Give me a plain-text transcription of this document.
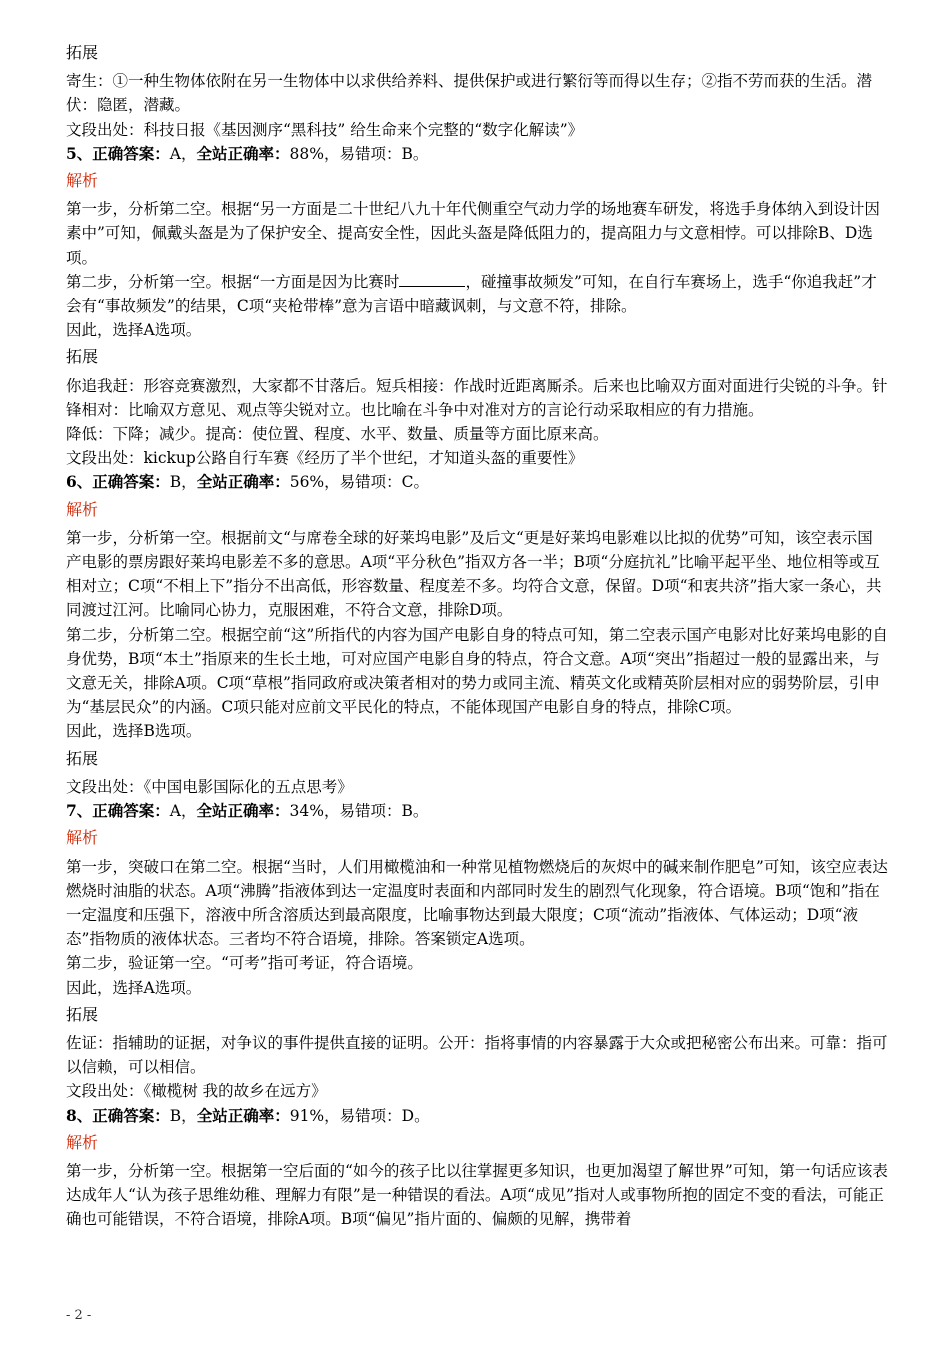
拓展

寄生：①一种生物体依附在另一生物体中以求供给养料、提供保护或进行繁衍等而得以生存；②指不劳而获的生活。潜伏：隐匿，潜藏。

文段出处：科技日报《基因测序“黑科技” 给生命来个完整的“数字化解读”》

5、正确答案：A，全站正确率：88%，易错项：B。

解析

第一步，分析第二空。根据“另一方面是二十世纪八九十年代侧重空气动力学的场地赛车研发，将选手身体纳入到设计因素中”可知，佩戴头盔是为了保护安全、提高安全性，因此头盔是降低阻力的，提高阻力与文意相悖。可以排除B、D选项。

第二步，分析第一空。根据“一方面是因为比赛时	，碰撞事故频发”可知，在自行车赛场上，选手“你追我赶”才会有“事故频发”的结果，C项“夹枪带棒”意为言语中暗藏讽刺，与文意不符，排除。

因此，选择A选项。

拓展

你追我赶：形容竞赛激烈，大家都不甘落后。短兵相接：作战时近距离厮杀。后来也比喻双方面对面进行尖锐的斗争。针锋相对：比喻双方意见、观点等尖锐对立。也比喻在斗争中对准对方的言论行动采取相应的有力措施。

降低：下降；减少。提高：使位置、程度、水平、数量、质量等方面比原来高。

文段出处：kickup公路自行车赛《经历了半个世纪，才知道头盔的重要性》

6、正确答案：B，全站正确率：56%，易错项：C。

解析

第一步，分析第一空。根据前文“与席卷全球的好莱坞电影”及后文“更是好莱坞电影难以比拟的优势”可知，该空表示国产电影的票房跟好莱坞电影差不多的意思。A项“平分秋色”指双方各一半；B项“分庭抗礼”比喻平起平坐、地位相等或互相对立；C项“不相上下”指分不出高低，形容数量、程度差不多。均符合文意，保留。D项“和衷共济”指大家一条心，共同渡过江河。比喻同心协力，克服困难，不符合文意，排除D项。

第二步，分析第二空。根据空前“这”所指代的内容为国产电影自身的特点可知，第二空表示国产电影对比好莱坞电影的自身优势，B项“本土”指原来的生长土地，可对应国产电影自身的特点，符合文意。A项“突出”指超过一般的显露出来，与文意无关，排除A项。C项“草根”指同政府或决策者相对的势力或同主流、精英文化或精英阶层相对应的弱势阶层，引申为“基层民众”的内涵。C项只能对应前文平民化的特点，不能体现国产电影自身的特点，排除C项。

因此，选择B选项。

拓展

文段出处：《中国电影国际化的五点思考》

7、正确答案：A，全站正确率：34%，易错项：B。

解析

第一步，突破口在第二空。根据“当时，人们用橄榄油和一种常见植物燃烧后的灰烬中的碱来制作肥皂”可知，该空应表达燃烧时油脂的状态。A项“沸腾”指液体到达一定温度时表面和内部同时发生的剧烈气化现象，符合语境。B项“饱和”指在一定温度和压强下，溶液中所含溶质达到最高限度，比喻事物达到最大限度；C项“流动”指液体、气体运动；D项“液态”指物质的液体状态。三者均不符合语境，排除。答案锁定A选项。

第二步，验证第一空。“可考”指可考证，符合语境。

因此，选择A选项。

拓展

佐证：指辅助的证据，对争议的事件提供直接的证明。公开：指将事情的内容暴露于大众或把秘密公布出来。可靠：指可以信赖，可以相信。

文段出处：《橄榄树 我的故乡在远方》

8、正确答案：B，全站正确率：91%，易错项：D。

解析

第一步，分析第一空。根据第一空后面的“如今的孩子比以往掌握更多知识，也更加渴望了解世界”可知，第一句话应该表达成年人“认为孩子思维幼稚、理解力有限”是一种错误的看法。A项“成见”指对人或事物所抱的固定不变的看法，可能正确也可能错误，不符合语境，排除A项。B项“偏见”指片面的、偏颇的见解，携带着

- 2 -
